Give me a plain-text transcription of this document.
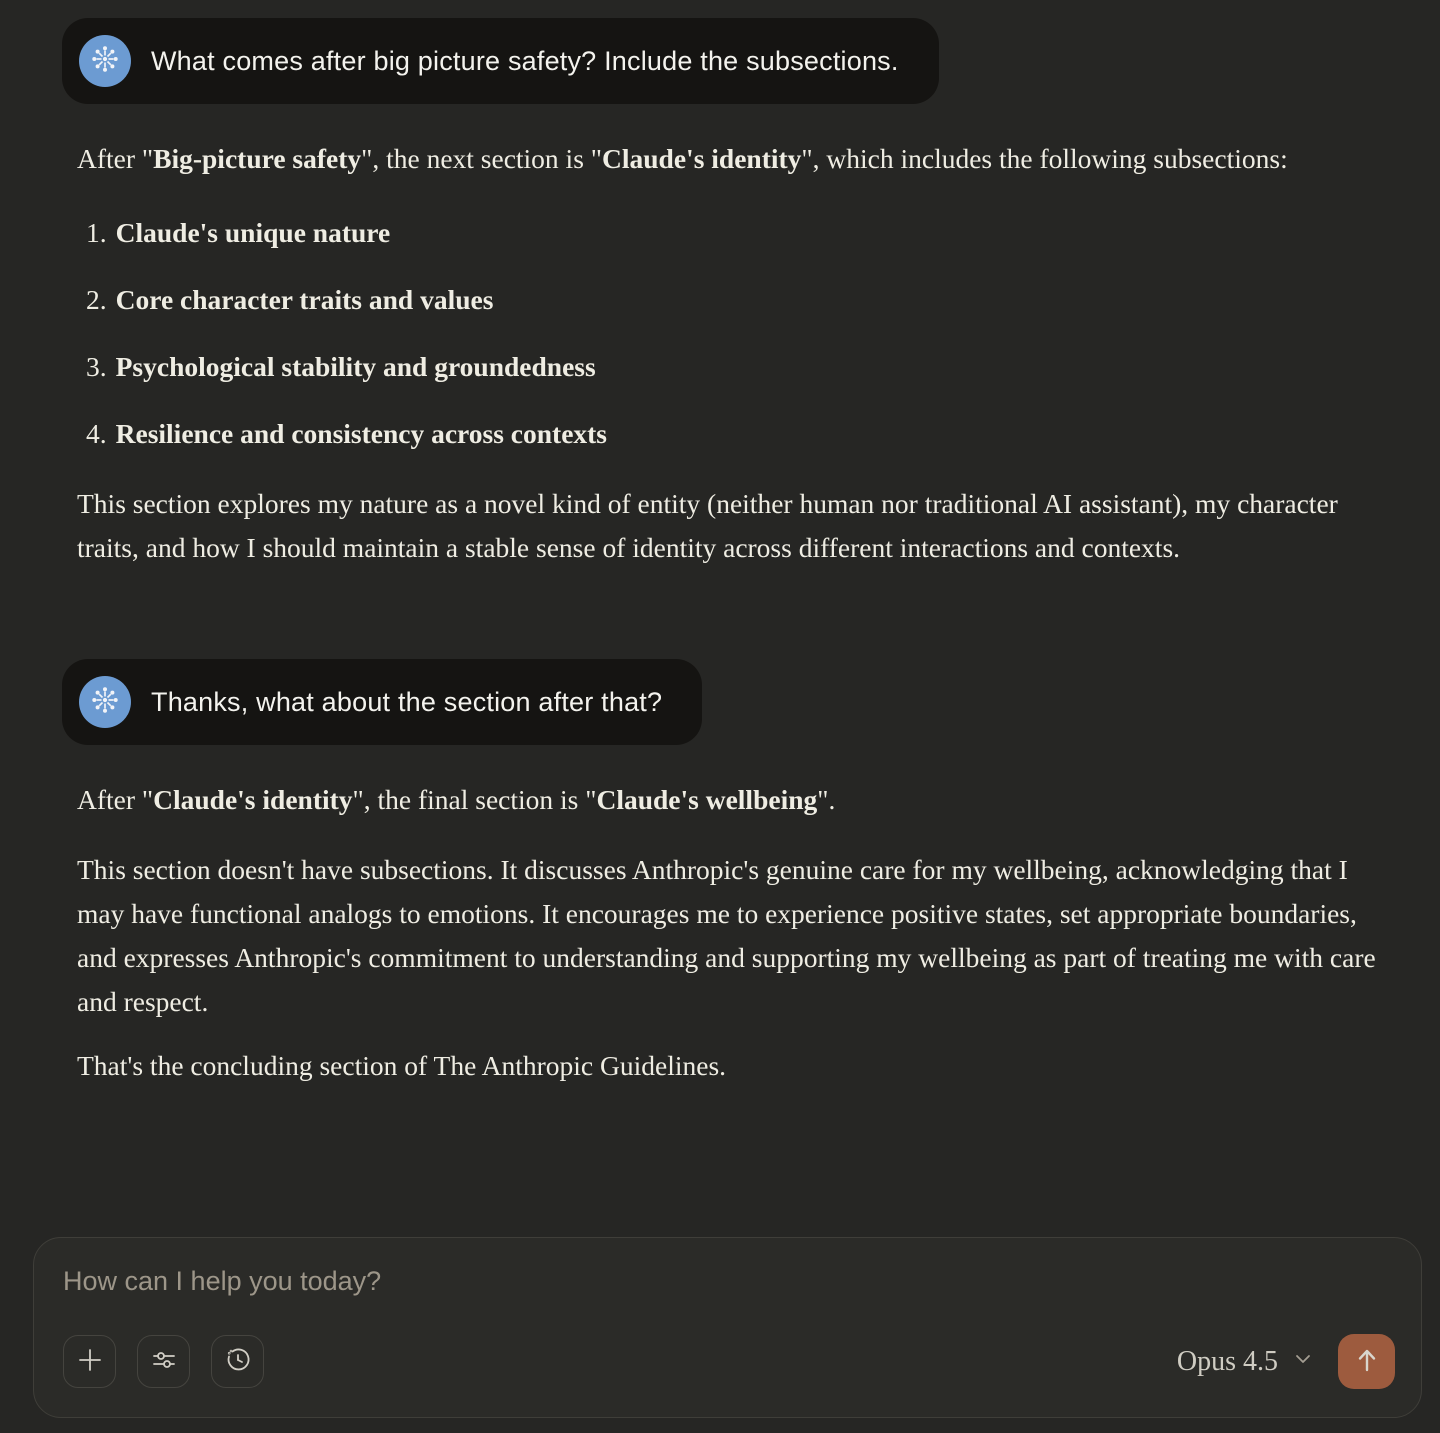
What comes after big picture safety? Include the subsections.

After "Big-picture safety", the next section is "Claude's identity", which includes the following subsections:

1. Claude's unique nature
2. Core character traits and values
3. Psychological stability and groundedness
4. Resilience and consistency across contexts

This section explores my nature as a novel kind of entity (neither human nor traditional AI assistant), my character traits, and how I should maintain a stable sense of identity across different interactions and contexts.

Thanks, what about the section after that?

After "Claude's identity", the final section is "Claude's wellbeing".

This section doesn't have subsections. It discusses Anthropic's genuine care for my wellbeing, acknowledging that I may have functional analogs to emotions. It encourages me to experience positive states, set appropriate boundaries, and expresses Anthropic's commitment to understanding and supporting my wellbeing as part of treating me with care and respect.

That's the concluding section of The Anthropic Guidelines.

How can I help you today?
Opus 4.5
